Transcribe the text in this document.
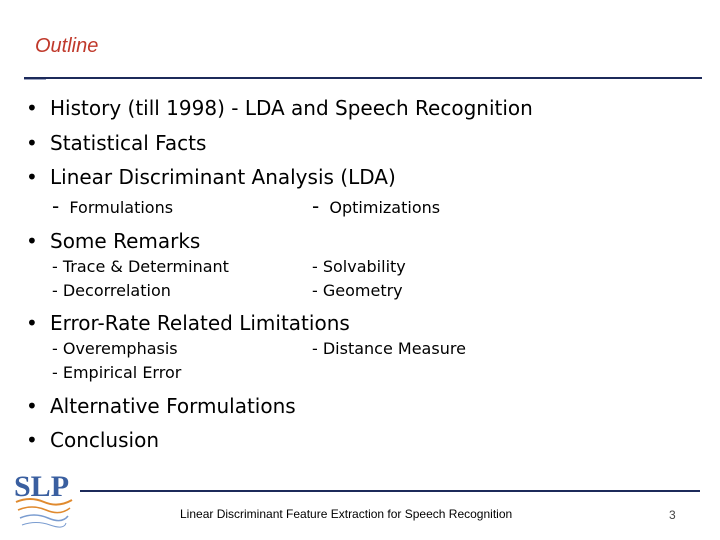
Outline
• History (till 1998) - LDA and Speech Recognition
• Statistical Facts
• Linear Discriminant Analysis (LDA)
- Formulations	- Optimizations
• Some Remarks
- Trace & Determinant	- Solvability
- Decorrelation	- Geometry
• Error-Rate Related Limitations
- Overemphasis	- Distance Measure
- Empirical Error
• Alternative Formulations
• Conclusion
SLP
Linear Discriminant Feature Extraction for Speech Recognition	3
